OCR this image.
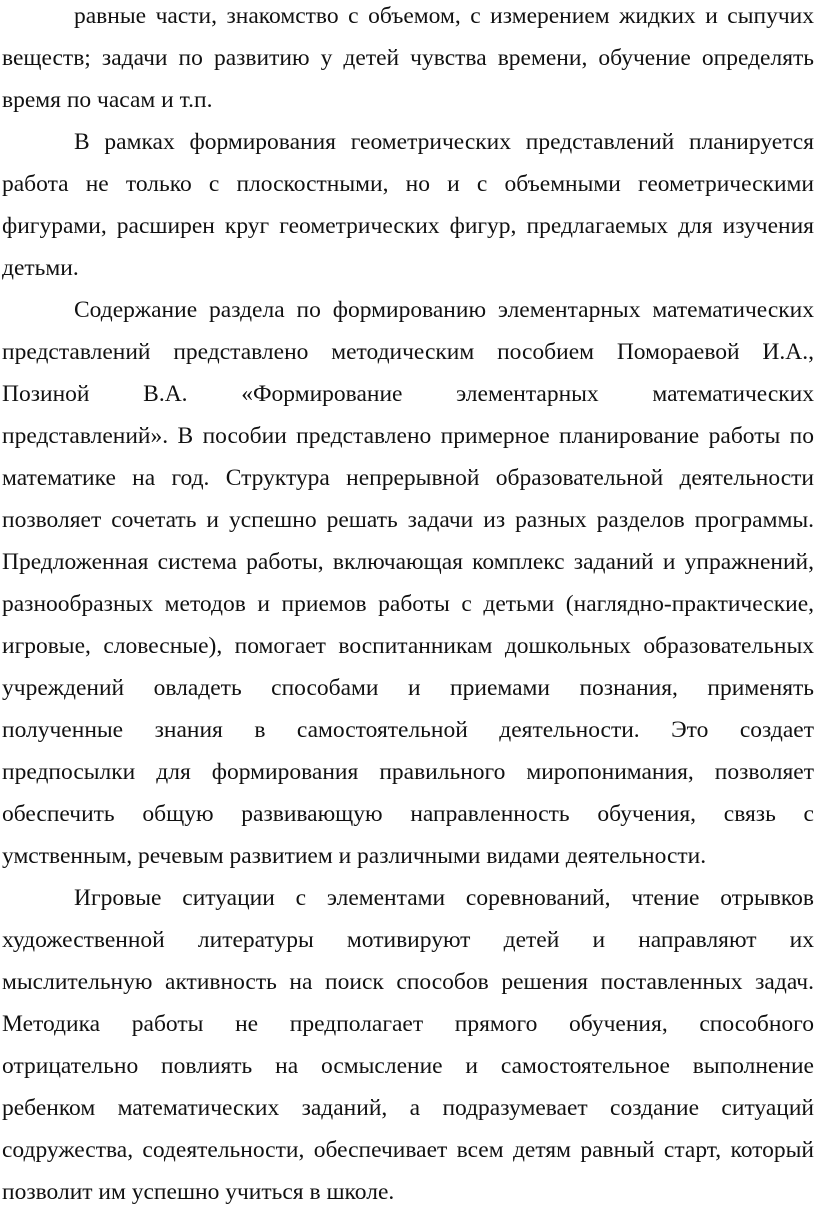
равные части, знакомство с объемом, с измерением жидких и сыпучих
веществ; задачи по развитию у детей чувства времени, обучение определять
время по часам и т.п.
В рамках формирования геометрических представлений планируется
работа не только с плоскостными, но и с объемными геометрическими
фигурами, расширен круг геометрических фигур, предлагаемых для изучения
детьми.
Содержание раздела по формированию элементарных математических
представлений представлено методическим пособием Помораевой И.А.,
Позиной В.А. «Формирование элементарных математических
представлений». В пособии представлено примерное планирование работы по
математике на год. Структура непрерывной образовательной деятельности
позволяет сочетать и успешно решать задачи из разных разделов программы.
Предложенная система работы, включающая комплекс заданий и упражнений,
разнообразных методов и приемов работы с детьми (наглядно-практические,
игровые, словесные), помогает воспитанникам дошкольных образовательных
учреждений овладеть способами и приемами познания, применять
полученные знания в самостоятельной деятельности. Это создает
предпосылки для формирования правильного миропонимания, позволяет
обеспечить общую развивающую направленность обучения, связь с
умственным, речевым развитием и различными видами деятельности.
Игровые ситуации с элементами соревнований, чтение отрывков
художественной литературы мотивируют детей и направляют их
мыслительную активность на поиск способов решения поставленных задач.
Методика работы не предполагает прямого обучения, способного
отрицательно повлиять на осмысление и самостоятельное выполнение
ребенком математических заданий, а подразумевает создание ситуаций
содружества, содеятельности, обеспечивает всем детям равный старт, который
позволит им успешно учиться в школе.
